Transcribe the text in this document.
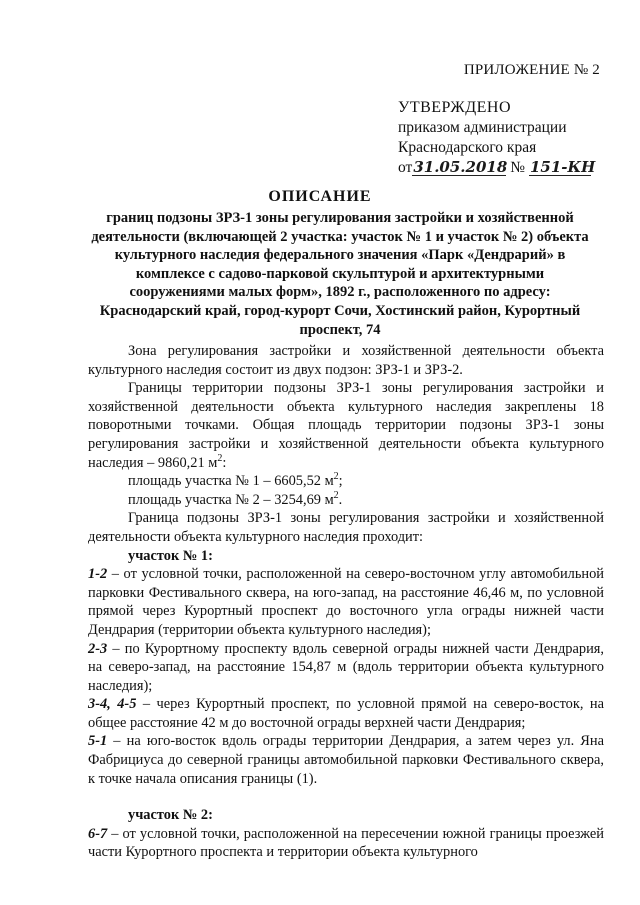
ПРИЛОЖЕНИЕ № 2
УТВЕРЖДЕНО
приказом администрации
Краснодарского края
от31.05.2018 № 151-КН
ОПИСАНИЕ
границ подзоны ЗРЗ-1 зоны регулирования застройки и хозяйственной деятельности (включающей 2 участка: участок № 1 и участок № 2) объекта культурного наследия федерального значения «Парк «Дендрарий» в комплексе с садово-парковой скульптурой и архитектурными сооружениями малых форм», 1892 г., расположенного по адресу: Краснодарский край, город-курорт Сочи, Хостинский район, Курортный проспект, 74

Зона регулирования застройки и хозяйственной деятельности объекта культурного наследия состоит из двух подзон: ЗРЗ-1 и ЗРЗ-2.

Границы территории подзоны ЗРЗ-1 зоны регулирования застройки и хозяйственной деятельности объекта культурного наследия закреплены 18 поворотными точками. Общая площадь территории подзоны ЗРЗ-1 зоны регулирования застройки и хозяйственной деятельности объекта культурного наследия – 9860,21 $м^2$:

площадь участка № 1 – 6605,52 $м^2$;

площадь участка № 2 – 3254,69 $м^2$.

Граница подзоны ЗРЗ-1 зоны регулирования застройки и хозяйственной деятельности объекта культурного наследия проходит:

участок № 1:

1-2 – от условной точки, расположенной на северо-восточном углу автомобильной парковки Фестивального сквера, на юго-запад, на расстояние 46,46 м, по условной прямой через Курортный проспект до восточного угла ограды нижней части Дендрария (территории объекта культурного наследия);

2-3 – по Курортному проспекту вдоль северной ограды нижней части Дендрария, на северо-запад, на расстояние 154,87 м (вдоль территории объекта культурного наследия);

3-4, 4-5 – через Курортный проспект, по условной прямой на северо-восток, на общее расстояние 42 м до восточной ограды верхней части Дендрария;

5-1 – на юго-восток вдоль ограды территории Дендрария, а затем через ул. Яна Фабрициуса до северной границы автомобильной парковки Фестивального сквера, к точке начала описания границы (1).

участок № 2:

6-7 – от условной точки, расположенной на пересечении южной границы проезжей части Курортного проспекта и территории объекта культурного
